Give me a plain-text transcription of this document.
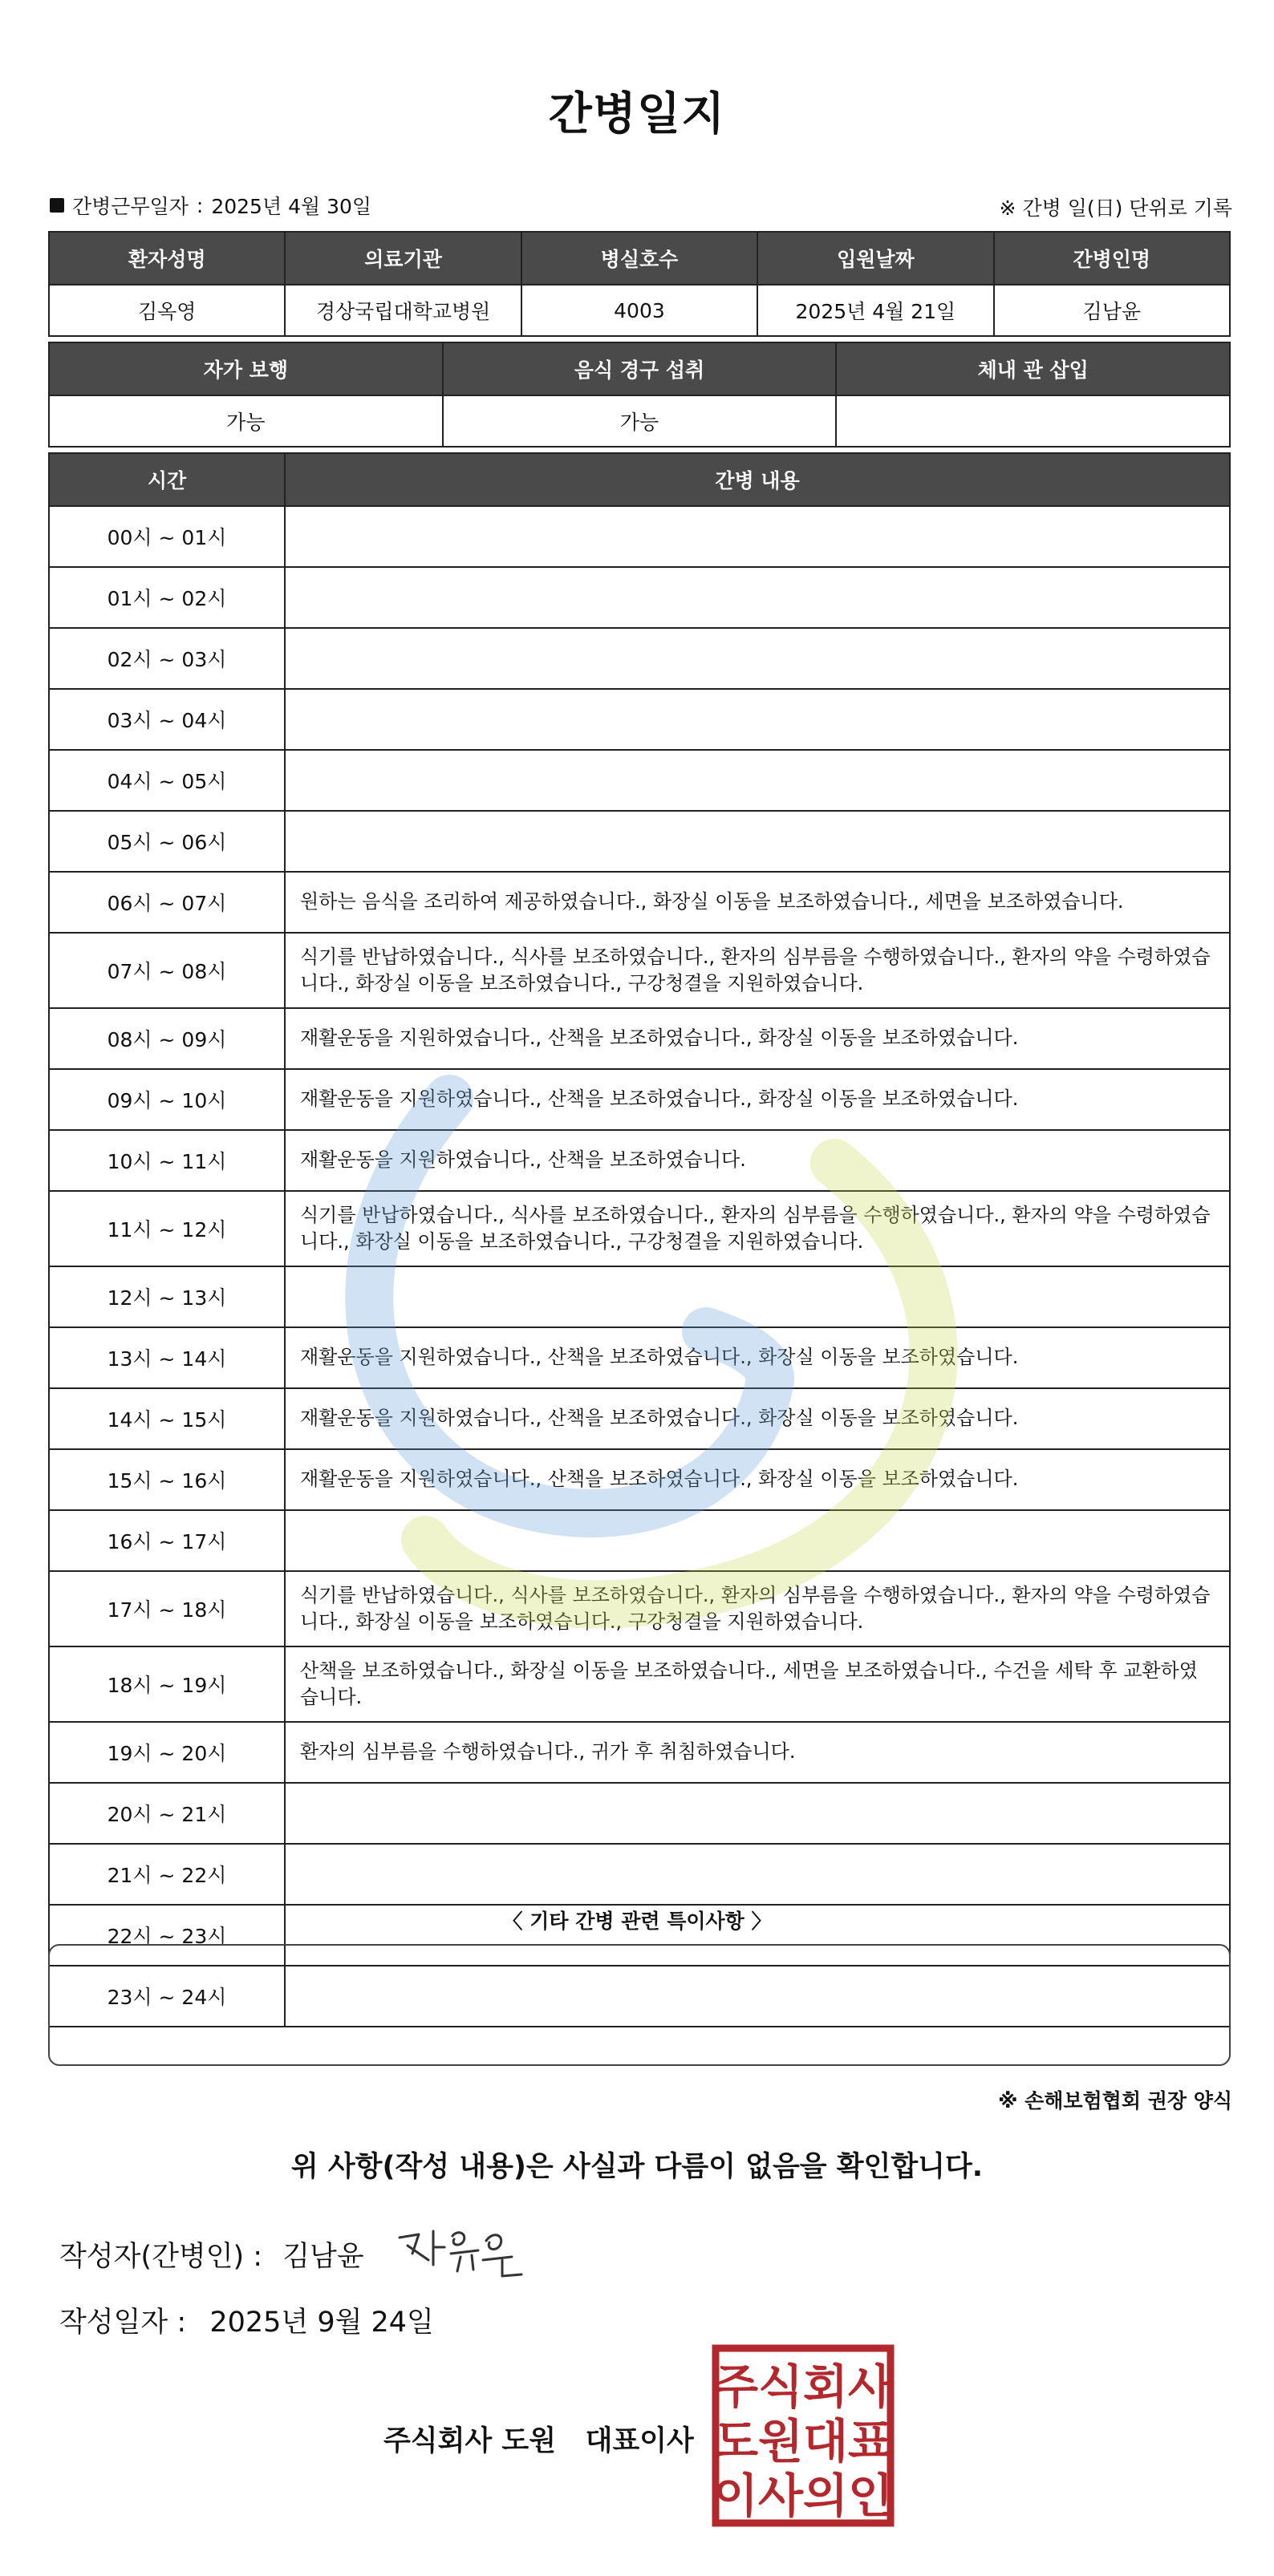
간병일지
간병근무일자 : 2025년 4월 30일	※ 간병 일(日) 단위로 기록
환자성명	의료기관	병실호수	입원날짜	간병인명
김옥영	경상국립대학교병원	4003	2025년 4월 21일	김남윤
자가 보행	음식 경구 섭취	체내 관 삽입
가능	가능	
시간	간병 내용
00시 ~ 01시	
01시 ~ 02시	
02시 ~ 03시	
03시 ~ 04시	
04시 ~ 05시	
05시 ~ 06시	
06시 ~ 07시	원하는 음식을 조리하여 제공하였습니다., 화장실 이동을 보조하였습니다., 세면을 보조하였습니다.
07시 ~ 08시	식기를 반납하였습니다., 식사를 보조하였습니다., 환자의 심부름을 수행하였습니다., 환자의 약을 수령하였습니다., 화장실 이동을 보조하였습니다., 구강청결을 지원하였습니다.
08시 ~ 09시	재활운동을 지원하였습니다., 산책을 보조하였습니다., 화장실 이동을 보조하였습니다.
09시 ~ 10시	재활운동을 지원하였습니다., 산책을 보조하였습니다., 화장실 이동을 보조하였습니다.
10시 ~ 11시	재활운동을 지원하였습니다., 산책을 보조하였습니다.
11시 ~ 12시	식기를 반납하였습니다., 식사를 보조하였습니다., 환자의 심부름을 수행하였습니다., 환자의 약을 수령하였습니다., 화장실 이동을 보조하였습니다., 구강청결을 지원하였습니다.
12시 ~ 13시	
13시 ~ 14시	재활운동을 지원하였습니다., 산책을 보조하였습니다., 화장실 이동을 보조하였습니다.
14시 ~ 15시	재활운동을 지원하였습니다., 산책을 보조하였습니다., 화장실 이동을 보조하였습니다.
15시 ~ 16시	재활운동을 지원하였습니다., 산책을 보조하였습니다., 화장실 이동을 보조하였습니다.
16시 ~ 17시	
17시 ~ 18시	식기를 반납하였습니다., 식사를 보조하였습니다., 환자의 심부름을 수행하였습니다., 환자의 약을 수령하였습니다., 화장실 이동을 보조하였습니다., 구강청결을 지원하였습니다.
18시 ~ 19시	산책을 보조하였습니다., 화장실 이동을 보조하였습니다., 세면을 보조하였습니다., 수건을 세탁 후 교환하였습니다.
19시 ~ 20시	환자의 심부름을 수행하였습니다., 귀가 후 취침하였습니다.
20시 ~ 21시	
21시 ~ 22시	
22시 ~ 23시	
23시 ~ 24시	
〈 기타 간병 관련 특이사항 〉
※ 손해보험협회 권장 양식
위 사항(작성 내용)은 사실과 다름이 없음을 확인합니다.
작성자(간병인) : 김남윤
작성일자 : 2025년 9월 24일
주식회사 도원   대표이사
주식회사
도원대표
이사의인
